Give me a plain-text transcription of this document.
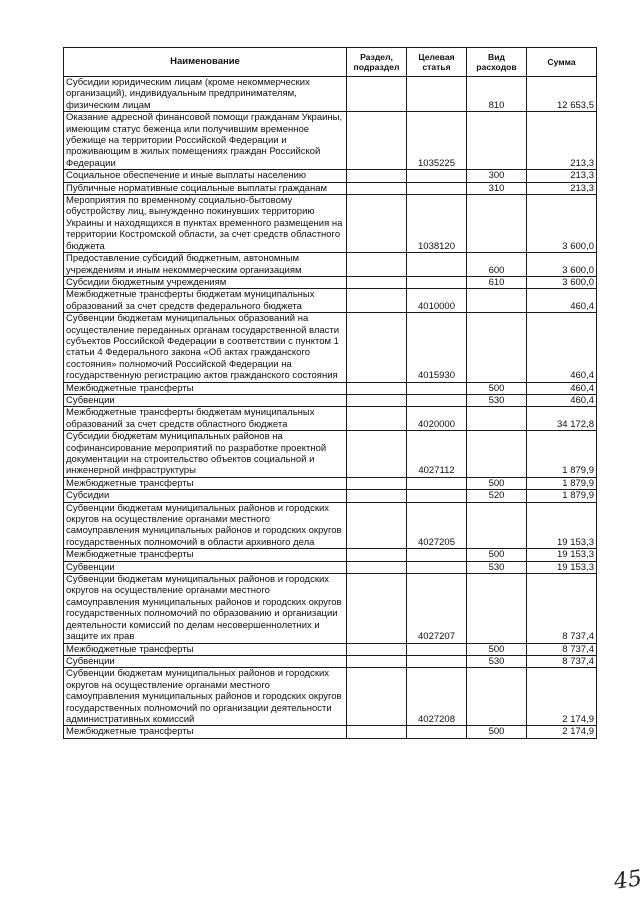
Наименование	Раздел, подраздел	Целевая статья	Вид расходов	Сумма
Субсидии юридическим лицам (кроме некоммерческих организаций), индивидуальным предпринимателям, физическим лицам			810	12 653,5
Оказание адресной финансовой помощи гражданам Украины, имеющим статус беженца или получившим временное убежище на территории Российской Федерации и проживающим в жилых помещениях граждан Российской Федерации		1035225		213,3
Социальное обеспечение и иные выплаты населению			300	213,3
Публичные нормативные социальные выплаты гражданам			310	213,3
Мероприятия по временному социально-бытовому обустройству лиц, вынужденно покинувших территорию Украины и находящихся в пунктах временного размещения на территории Костромской области, за счет средств областного бюджета		1038120		3 600,0
Предоставление субсидий бюджетным, автономным учреждениям и иным некоммерческим организациям			600	3 600,0
Субсидии бюджетным учреждениям			610	3 600,0
Межбюджетные трансферты бюджетам муниципальных образований за счет средств федерального бюджета		4010000		460,4
Субвенции бюджетам муниципальных образований на осуществление переданных органам государственной власти субъектов Российской Федерации в соответствии с пунктом 1 статьи 4 Федерального закона «Об актах гражданского состояния» полномочий Российской Федерации на государственную регистрацию актов гражданского состояния		4015930		460,4
Межбюджетные трансферты			500	460,4
Субвенции			530	460,4
Межбюджетные трансферты бюджетам муниципальных образований за счет средств областного бюджета		4020000		34 172,8
Субсидии бюджетам муниципальных районов на софинансирование мероприятий по разработке проектной документации на строительство объектов социальной и инженерной инфраструктуры		4027112		1 879,9
Межбюджетные трансферты			500	1 879,9
Субсидии			520	1 879,9
Субвенции бюджетам муниципальных районов и городских округов на осуществление органами местного самоуправления муниципальных районов и городских округов государственных полномочий в области архивного дела		4027205		19 153,3
Межбюджетные трансферты			500	19 153,3
Субвенции			530	19 153,3
Субвенции бюджетам муниципальных районов и городских округов на осуществление органами местного самоуправления муниципальных районов и городских округов государственных полномочий по образованию и организации деятельности комиссий по делам несовершеннолетних и защите их прав		4027207		8 737,4
Межбюджетные трансферты			500	8 737,4
Субвенции			530	8 737,4
Субвенции бюджетам муниципальных районов и городских округов на осуществление органами местного самоуправления муниципальных районов и городских округов государственных полномочий по организации деятельности административных комиссий		4027208		2 174,9
Межбюджетные трансферты			500	2 174,9
45
